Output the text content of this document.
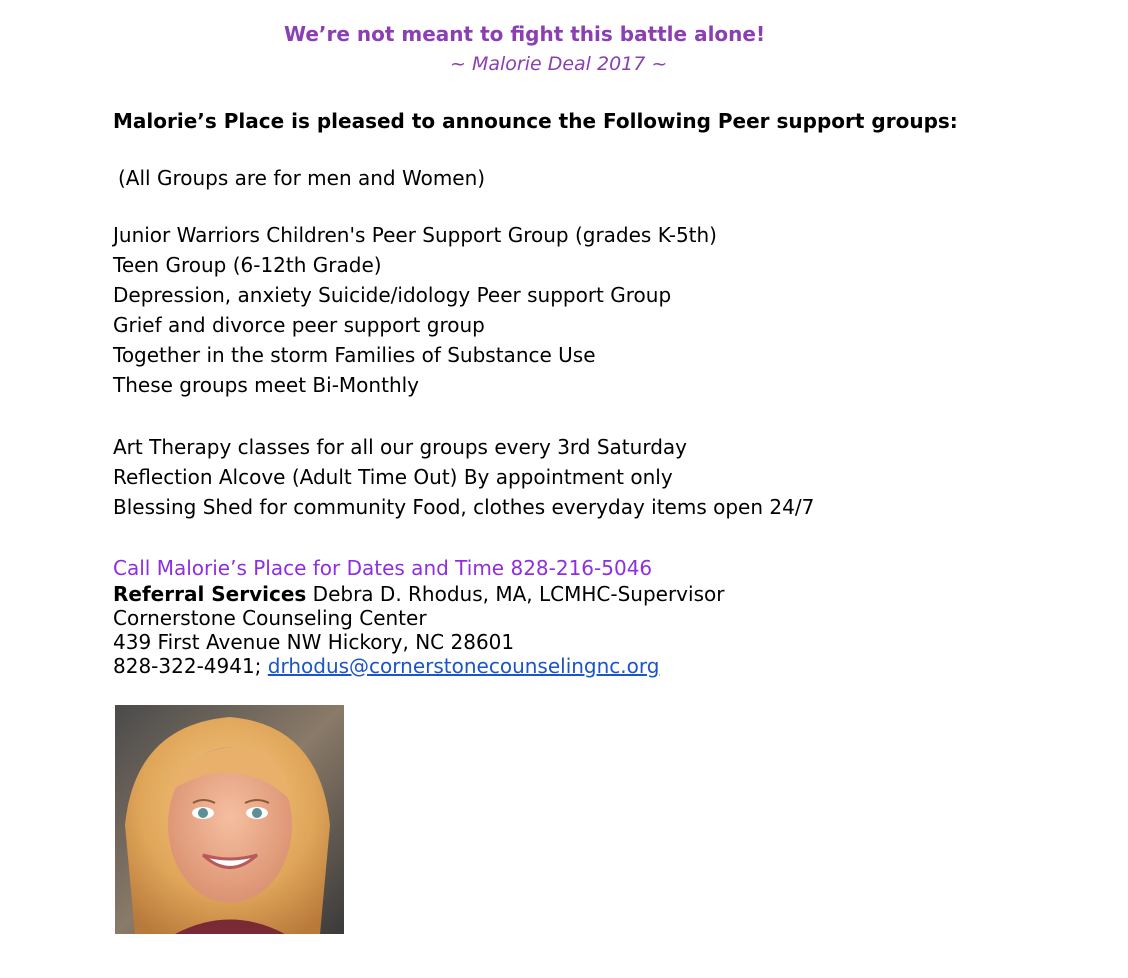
We’re not meant to fight this battle alone!
~ Malorie Deal 2017 ~
Malorie’s Place is pleased to announce the Following Peer support groups:
(All Groups are for men and Women)
Junior Warriors Children's Peer Support Group (grades K-5th)
Teen Group (6-12th Grade)
Depression, anxiety Suicide/idology Peer support Group
Grief and divorce peer support group
Together in the storm Families of Substance Use
These groups meet Bi-Monthly
Art Therapy classes for all our groups every 3rd Saturday
Reflection Alcove (Adult Time Out) By appointment only
Blessing Shed for community Food, clothes everyday items open 24/7
Call Malorie’s Place for Dates and Time 828-216-5046
Referral Services Debra D. Rhodus, MA, LCMHC-Supervisor
Cornerstone Counseling Center
439 First Avenue NW Hickory, NC 28601
828-322-4941; drhodus@cornerstonecounselingnc.org
